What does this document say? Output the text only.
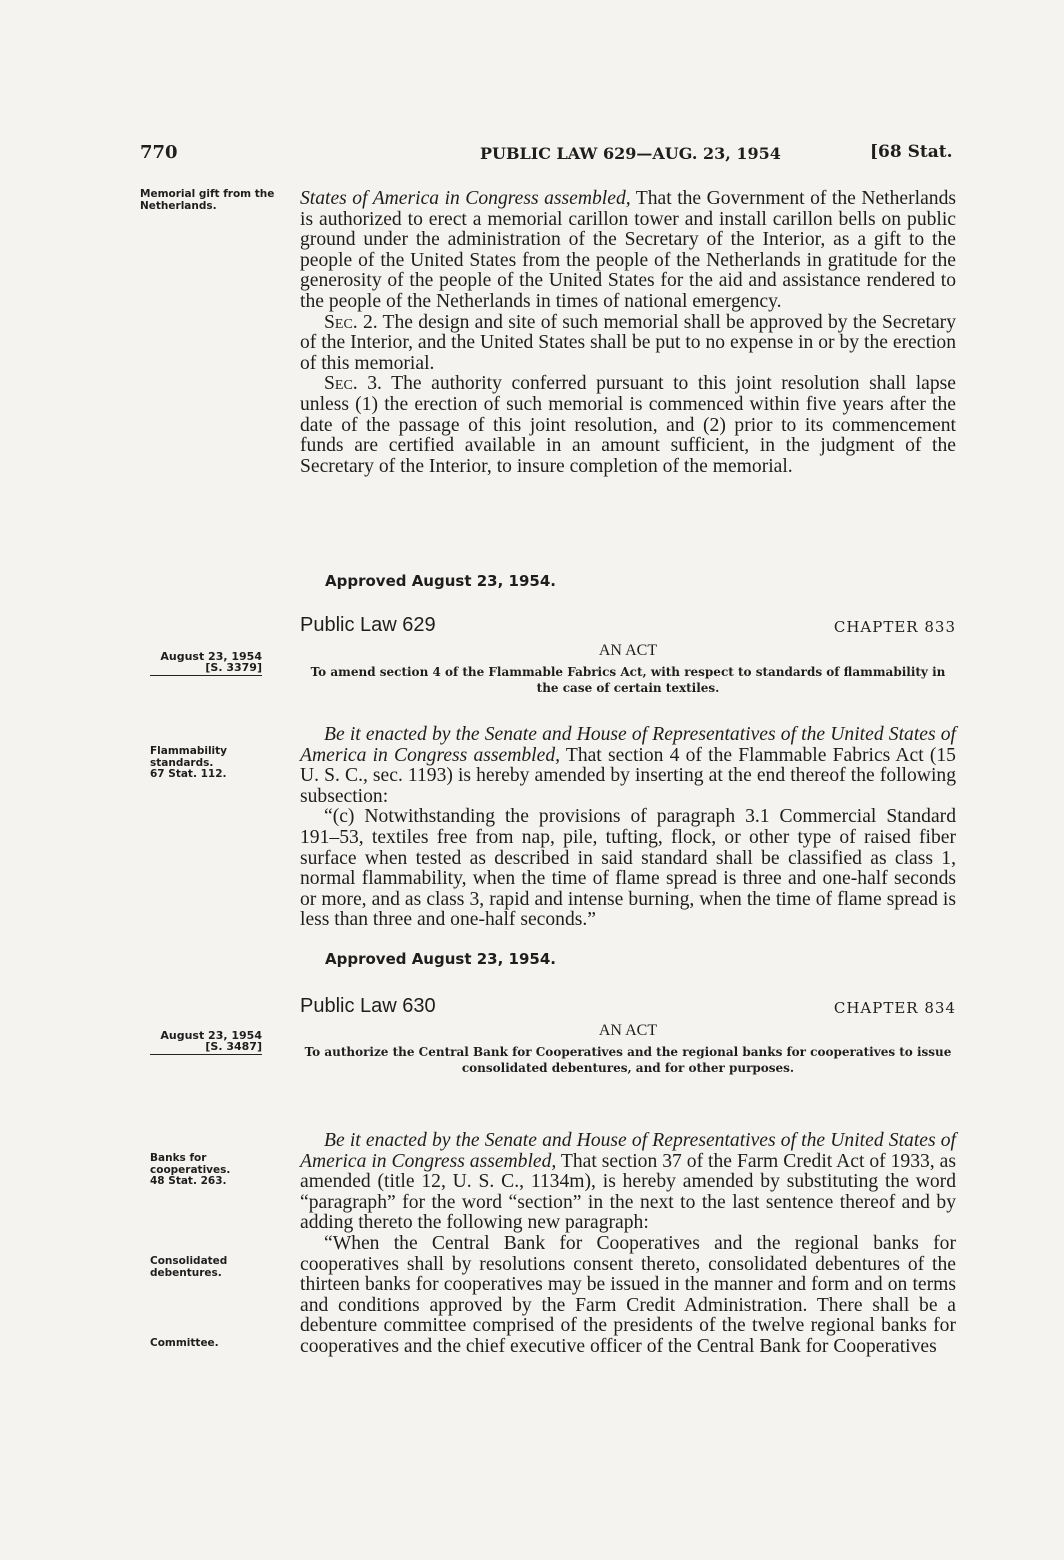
770	PUBLIC LAW 629—AUG. 23, 1954	[68 Stat.
Memorial gift from the Netherlands.
August 23, 1954
[S. 3379]
Flammability standards.
67 Stat. 112.
August 23, 1954
[S. 3487]
Banks for cooperatives.
48 Stat. 263.
Consolidated debentures.
Committee.

States of America in Congress assembled, That the Government of the Netherlands is authorized to erect a memorial carillon tower and install carillon bells on public ground under the administration of the Secretary of the Interior, as a gift to the people of the United States from the people of the Netherlands in gratitude for the generosity of the people of the United States for the aid and assistance rendered to the people of the Netherlands in times of national emergency.

Sec. 2. The design and site of such memorial shall be approved by the Secretary of the Interior, and the United States shall be put to no expense in or by the erection of this memorial.

Sec. 3. The authority conferred pursuant to this joint resolution shall lapse unless (1) the erection of such memorial is commenced within five years after the date of the passage of this joint resolution, and (2) prior to its commencement funds are certified available in an amount sufficient, in the judgment of the Secretary of the Interior, to insure completion of the memorial.

Approved August 23, 1954.
Public Law 629	CHAPTER 833
AN ACT
To amend section 4 of the Flammable Fabrics Act, with respect to standards of flammability in the case of certain textiles.

Be it enacted by the Senate and House of Representatives of the United States of America in Congress assembled, That section 4 of the Flammable Fabrics Act (15 U. S. C., sec. 1193) is hereby amended by inserting at the end thereof the following subsection:

“(c) Notwithstanding the provisions of paragraph 3.1 Commercial Standard 191–53, textiles free from nap, pile, tufting, flock, or other type of raised fiber surface when tested as described in said standard shall be classified as class 1, normal flammability, when the time of flame spread is three and one-half seconds or more, and as class 3, rapid and intense burning, when the time of flame spread is less than three and one-half seconds.”

Approved August 23, 1954.
Public Law 630	CHAPTER 834
AN ACT
To authorize the Central Bank for Cooperatives and the regional banks for cooperatives to issue consolidated debentures, and for other purposes.

Be it enacted by the Senate and House of Representatives of the United States of America in Congress assembled, That section 37 of the Farm Credit Act of 1933, as amended (title 12, U. S. C., 1134m), is hereby amended by substituting the word “paragraph” for the word “section” in the next to the last sentence thereof and by adding thereto the following new paragraph:

“When the Central Bank for Cooperatives and the regional banks for cooperatives shall by resolutions consent thereto, consolidated debentures of the thirteen banks for cooperatives may be issued in the manner and form and on terms and conditions approved by the Farm Credit Administration. There shall be a debenture committee comprised of the presidents of the twelve regional banks for cooperatives and the chief executive officer of the Central Bank for Cooperatives
